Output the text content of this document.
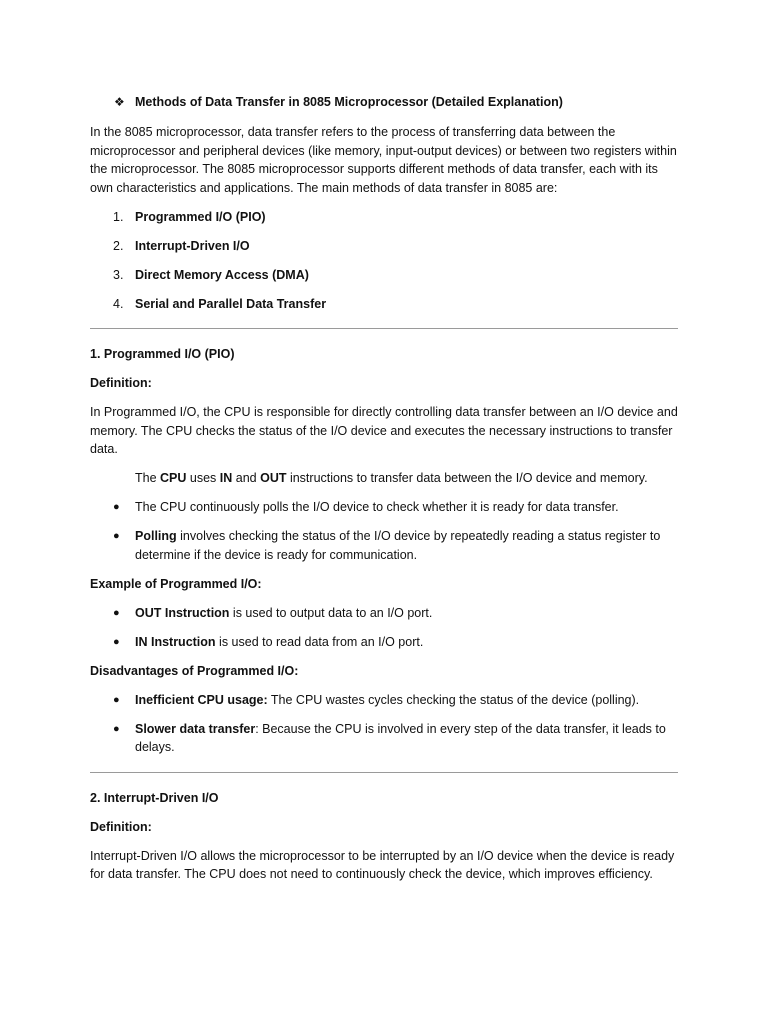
❖ Methods of Data Transfer in 8085 Microprocessor (Detailed Explanation)

In the 8085 microprocessor, data transfer refers to the process of transferring data between the microprocessor and peripheral devices (like memory, input-output devices) or between two registers within the microprocessor. The 8085 microprocessor supports different methods of data transfer, each with its own characteristics and applications. The main methods of data transfer in 8085 are:

1. Programmed I/O (PIO)
2. Interrupt-Driven I/O
3. Direct Memory Access (DMA)
4. Serial and Parallel Data Transfer

1. Programmed I/O (PIO)

Definition:

In Programmed I/O, the CPU is responsible for directly controlling data transfer between an I/O device and memory. The CPU checks the status of the I/O device and executes the necessary instructions to transfer data.

The CPU uses IN and OUT instructions to transfer data between the I/O device and memory.
●	The CPU continuously polls the I/O device to check whether it is ready for data transfer.
●	Polling involves checking the status of the I/O device by repeatedly reading a status register to determine if the device is ready for communication.

Example of Programmed I/O:

●	OUT Instruction is used to output data to an I/O port.
●	IN Instruction is used to read data from an I/O port.

Disadvantages of Programmed I/O:

●	Inefficient CPU usage: The CPU wastes cycles checking the status of the device (polling).
●	Slower data transfer: Because the CPU is involved in every step of the data transfer, it leads to delays.

2. Interrupt-Driven I/O

Definition:

Interrupt-Driven I/O allows the microprocessor to be interrupted by an I/O device when the device is ready for data transfer. The CPU does not need to continuously check the device, which improves efficiency.
